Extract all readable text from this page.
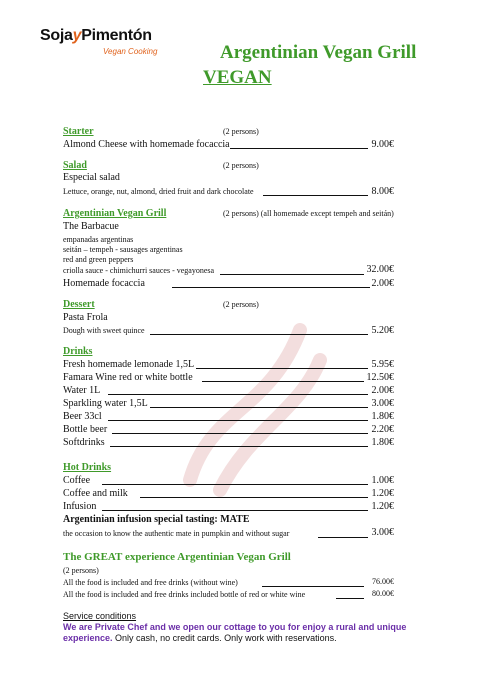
SojayPimentón
Vegan Cooking	Argentinian Vegan Grill
VEGAN
Starter	(2 persons)
Almond Cheese with homemade focaccia	9.00€
Salad	(2 persons)
Especial salad
Lettuce, orange, nut, almond, dried fruit and dark chocolate	8.00€
Argentinian Vegan Grill	(2 persons) (all homemade except tempeh and seitán)
The Barbacue
empanadas argentinas
seitán – tempeh - sausages argentinas
red and green peppers
criolla sauce - chimichurri sauces - vegayonesa	32.00€
Homemade focaccia	2.00€
Dessert	(2 persons)
Pasta Frola
Dough with sweet quince	5.20€
Drinks
Fresh homemade lemonade 1,5L	5.95€
Famara Wine red or white bottle	12.50€
Water 1L	2.00€
Sparkling water 1,5L	3.00€
Beer 33cl	1.80€
Bottle beer	2.20€
Softdrinks	1.80€
Hot Drinks
Coffee	1.00€
Coffee and milk	1.20€
Infusion	1.20€
Argentinian infusion special tasting: MATE
the occasion to know the authentic mate in pumpkin and without sugar	3.00€
The GREAT experience Argentinian Vegan Grill
(2 persons)
All the food is included and free drinks (without wine)	76.00€
All the food is included and free drinks included bottle of red or white wine	80.00€
Service conditions
We are Private Chef and we open our cottage to you for enjoy a rural and unique
experience. Only cash, no credit cards. Only work with reservations.
